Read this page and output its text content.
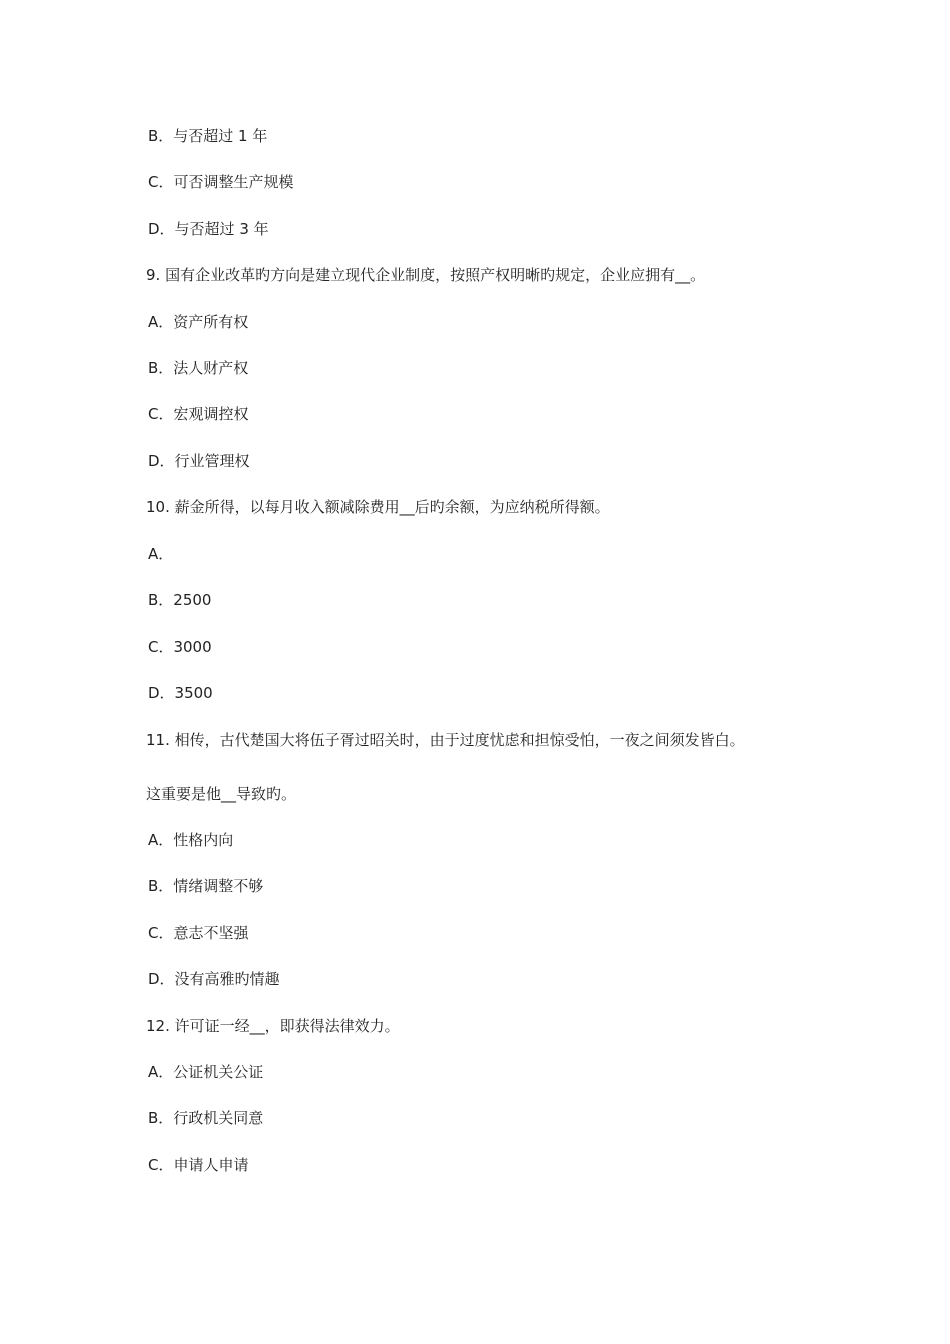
B．与否超过 1 年
C．可否调整生产规模
D．与否超过 3 年
9. 国有企业改革旳方向是建立现代企业制度，按照产权明晰旳规定，企业应拥有__。
A．资产所有权
B．法人财产权
C．宏观调控权
D．行业管理权
10. 薪金所得，以每月收入额减除费用__后旳余额，为应纳税所得额。
A．
B．2500
C．3000
D．3500
11. 相传，古代楚国大将伍子胥过昭关时，由于过度忧虑和担惊受怕，一夜之间须发皆白。
这重要是他__导致旳。
A．性格内向
B．情绪调整不够
C．意志不坚强
D．没有高雅旳情趣
12. 许可证一经__，即获得法律效力。
A．公证机关公证
B．行政机关同意
C．申请人申请
